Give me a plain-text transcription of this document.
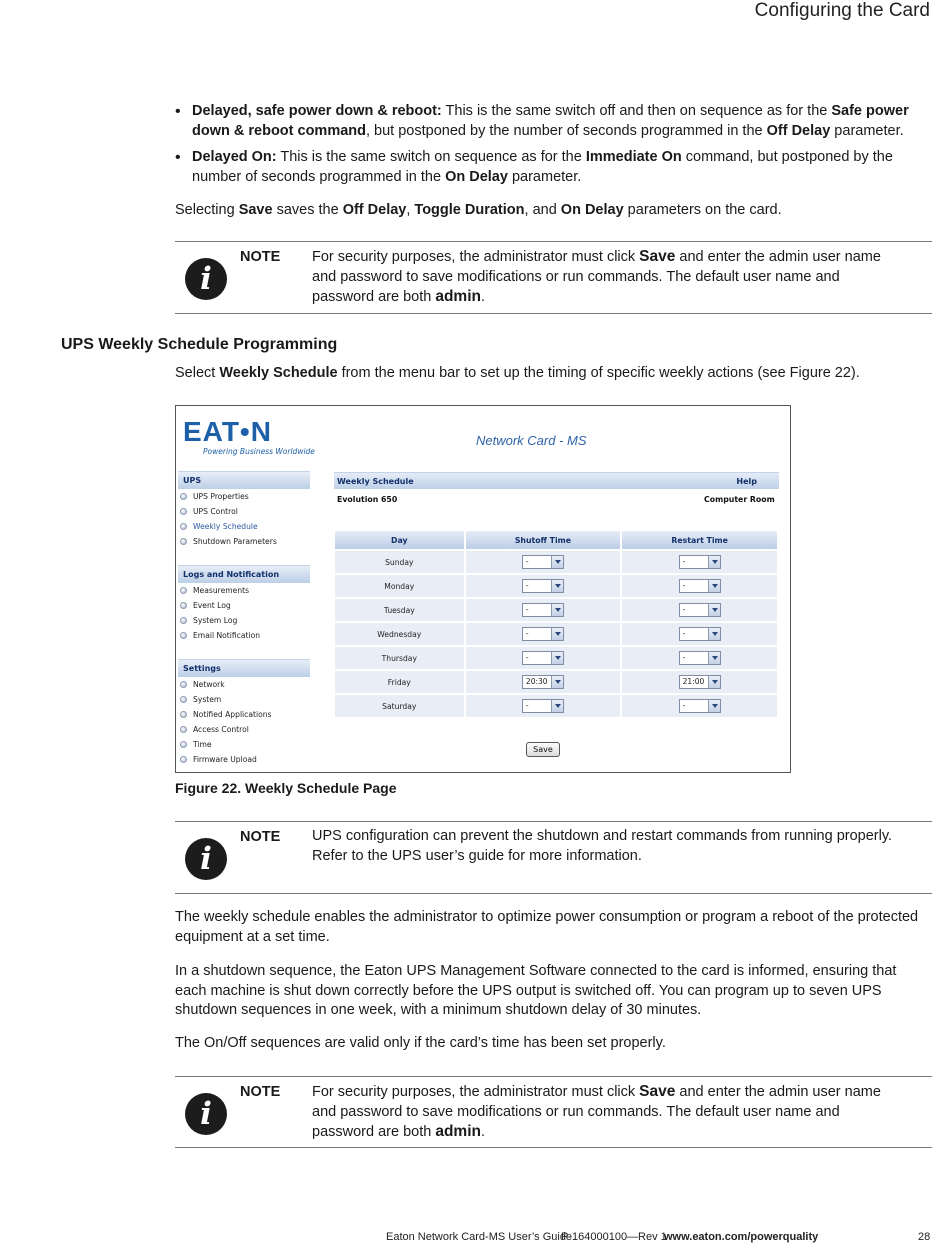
Configuring the Card
• Delayed, safe power down & reboot: This is the same switch off and then on sequence as for the Safe power down & reboot command, but postponed by the number of seconds programmed in the Off Delay parameter.
• Delayed On: This is the same switch on sequence as for the Immediate On command, but postponed by the number of seconds programmed in the On Delay parameter.

Selecting Save saves the Off Delay, Toggle Duration, and On Delay parameters on the card.

i
NOTE For security purposes, the administrator must click Save and enter the admin user name and password to save modifications or run commands. The default user name and password are both admin.
UPS Weekly Schedule Programming

Select Weekly Schedule from the menu bar to set up the timing of specific weekly actions (see Figure 22).

EAT•N
Powering Business Worldwide
Network Card - MS
UPS
UPS Properties
UPS Control
Weekly Schedule
Shutdown Parameters
Logs and Notification
Measurements
Event Log
System Log
Email Notification
Settings
Network
System
Notified Applications
Access Control
Time
Firmware Upload
Weekly Schedule	Help
Evolution 650	Computer Room
Day	Shutoff Time	Restart Time
Sunday	-	-

Monday	-	-

Tuesday	-	-

Wednesday	-	-

Thursday	-	-

Friday	20:30	21:00

Saturday	-	-
Save
Figure 22. Weekly Schedule Page
i
NOTE UPS configuration can prevent the shutdown and restart commands from running properly. Refer to the UPS user’s guide for more information.

The weekly schedule enables the administrator to optimize power consumption or program a reboot of the protected equipment at a set time.

In a shutdown sequence, the Eaton UPS Management Software connected to the card is informed, ensuring that each machine is shut down correctly before the UPS output is switched off. You can program up to seven UPS shutdown sequences in one week, with a minimum shutdown delay of 30 minutes.

The On/Off sequences are valid only if the card’s time has been set properly.

i
NOTE For security purposes, the administrator must click Save and enter the admin user name and password to save modifications or run commands. The default user name and password are both admin.
Eaton Network Card-MS User’s Guide
P-164000100—Rev 1
www.eaton.com/powerquality	28
